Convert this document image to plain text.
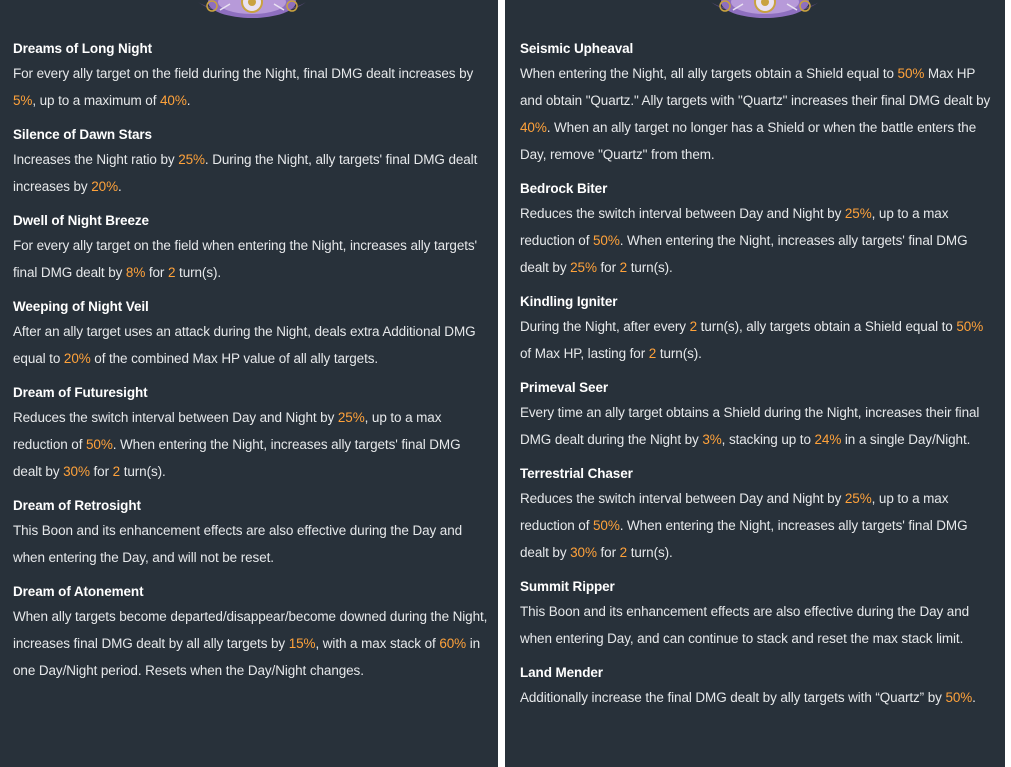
Dreams of Long Night
For every ally target on the field during the Night, final DMG dealt increases by 5%, up to a maximum of 40%.
Silence of Dawn Stars
Increases the Night ratio by 25%. During the Night, ally targets' final DMG dealt increases by 20%.
Dwell of Night Breeze
For every ally target on the field when entering the Night, increases ally targets' final DMG dealt by 8% for 2 turn(s).
Weeping of Night Veil
After an ally target uses an attack during the Night, deals extra Additional DMG equal to 20% of the combined Max HP value of all ally targets.
Dream of Futuresight
Reduces the switch interval between Day and Night by 25%, up to a max reduction of 50%. When entering the Night, increases ally targets' final DMG dealt by 30% for 2 turn(s).
Dream of Retrosight
This Boon and its enhancement effects are also effective during the Day and when entering the Day, and will not be reset.
Dream of Atonement
When ally targets become departed/disappear/become downed during the Night, increases final DMG dealt by all ally targets by 15%, with a max stack of 60% in one Day/Night period. Resets when the Day/Night changes.
Seismic Upheaval
When entering the Night, all ally targets obtain a Shield equal to 50% Max HP and obtain "Quartz." Ally targets with "Quartz" increases their final DMG dealt by 40%. When an ally target no longer has a Shield or when the battle enters the Day, remove "Quartz" from them.
Bedrock Biter
Reduces the switch interval between Day and Night by 25%, up to a max reduction of 50%. When entering the Night, increases ally targets' final DMG dealt by 25% for 2 turn(s).
Kindling Igniter
During the Night, after every 2 turn(s), ally targets obtain a Shield equal to 50% of Max HP, lasting for 2 turn(s).
Primeval Seer
Every time an ally target obtains a Shield during the Night, increases their final DMG dealt during the Night by 3%, stacking up to 24% in a single Day/Night.
Terrestrial Chaser
Reduces the switch interval between Day and Night by 25%, up to a max reduction of 50%. When entering the Night, increases ally targets' final DMG dealt by 30% for 2 turn(s).
Summit Ripper
This Boon and its enhancement effects are also effective during the Day and when entering Day, and can continue to stack and reset the max stack limit.
Land Mender
Additionally increase the final DMG dealt by ally targets with “Quartz” by 50%.
